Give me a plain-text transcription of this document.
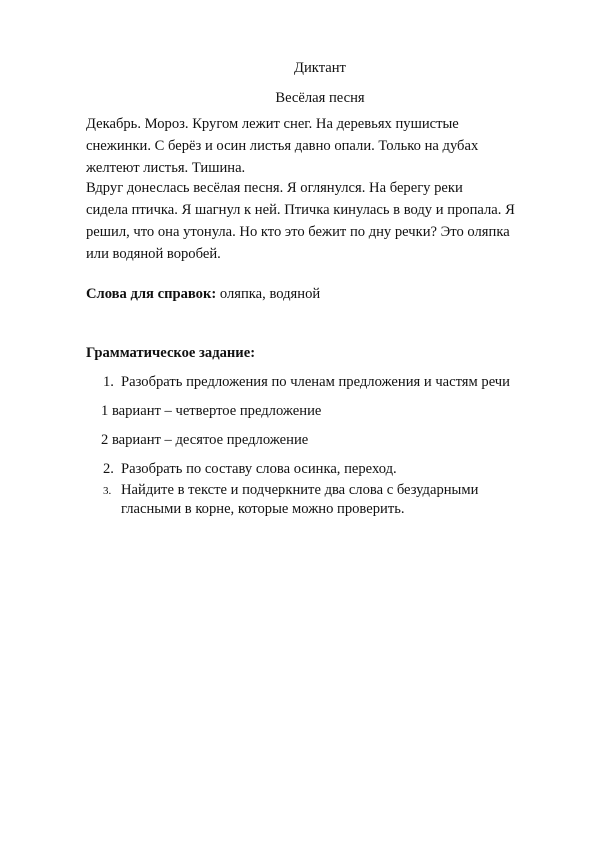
Диктант
Весёлая песня
Декабрь. Мороз. Кругом лежит снег. На деревьях пушистые
снежинки. С берёз и осин листья давно опали. Только на дубах
желтеют листья. Тишина.
Вдруг донеслась весёлая песня. Я оглянулся. На берегу реки
сидела птичка. Я шагнул к ней. Птичка кинулась в воду и пропала. Я
решил, что она утонула. Но кто это бежит по дну речки? Это оляпка
или водяной воробей.
Слова для справок: оляпка, водяной
Грамматическое задание:
1. Разобрать предложения по членам предложения и частям речи
1 вариант – четвертое предложение
2 вариант – десятое предложение
2. Разобрать по составу слова осинка, переход.
3. Найдите в тексте и подчеркните два слова с безударными
гласными в корне, которые можно проверить.
